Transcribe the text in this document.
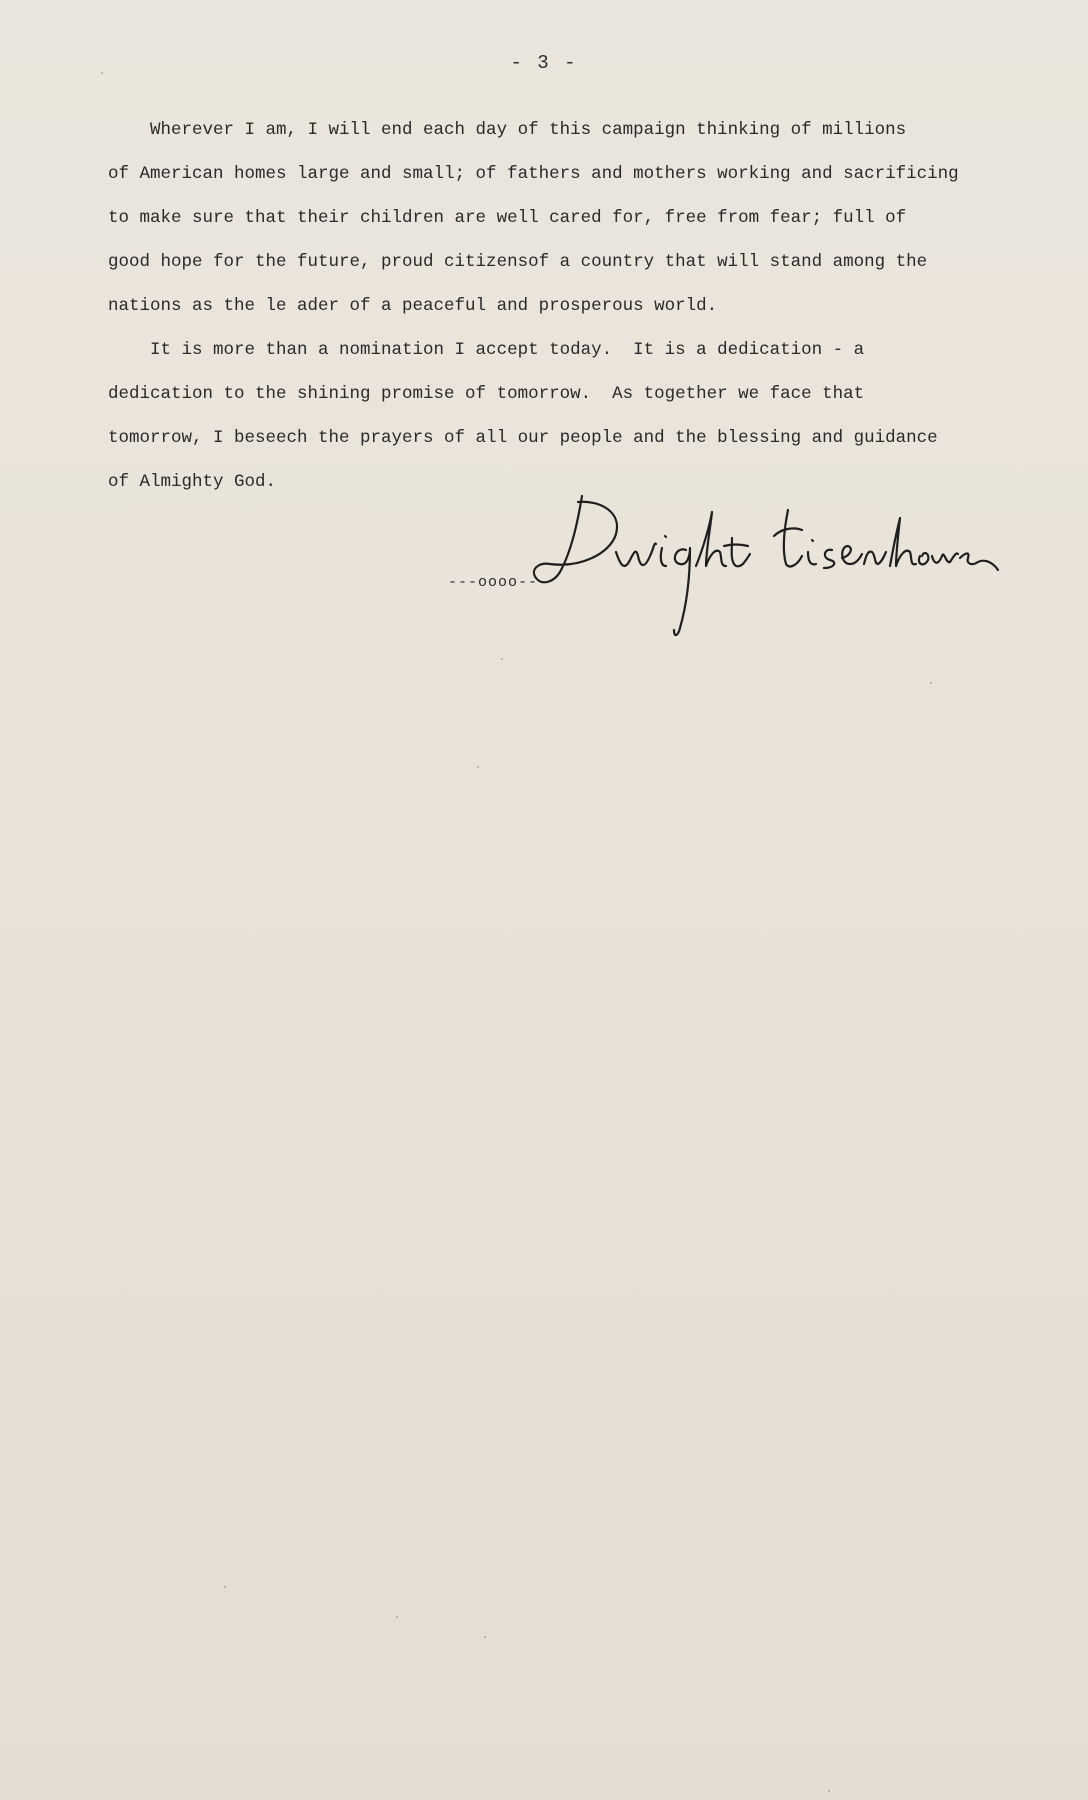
- 3 -
Wherever I am, I will end each day of this campaign thinking of millions
of American homes large and small; of fathers and mothers working and sacrificing
to make sure that their children are well cared for, free from fear; full of
good hope for the future, proud citizensof a country that will stand among the
nations as the le ader of a peaceful and prosperous world.
It is more than a nomination I accept today.  It is a dedication - a
dedication to the shining promise of tomorrow.  As together we face that
tomorrow, I beseech the prayers of all our people and the blessing and guidance
of Almighty God.
---oooo---
